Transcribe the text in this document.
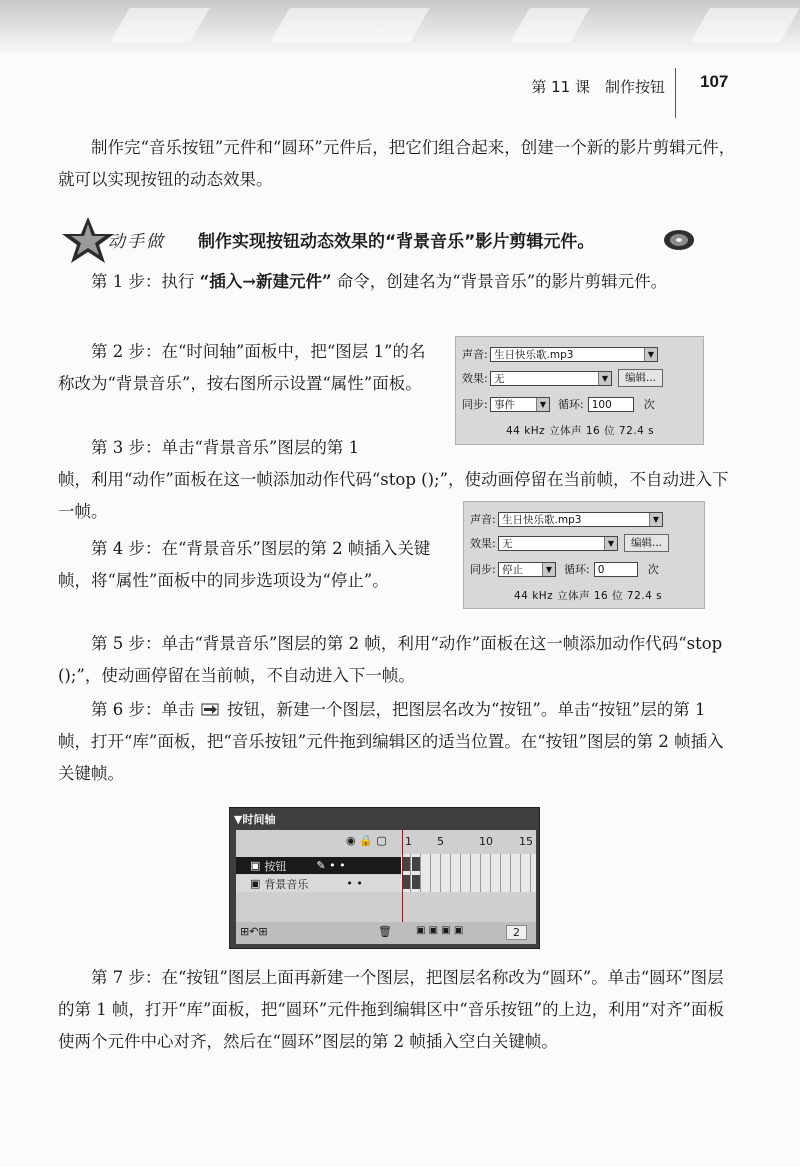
第 11 课　制作按钮 107

制作完“音乐按钮”元件和“圆环”元件后，把它们组合起来，创建一个新的影片剪辑元件，就可以实现按钮的动态效果。

动手做 制作实现按钮动态效果的“背景音乐”影片剪辑元件。

第 1 步：执行 “插入→新建元件” 命令，创建名为“背景音乐”的影片剪辑元件。

第 2 步：在“时间轴”面板中，把“图层 1”的名称改为“背景音乐”，按右图所示设置“属性”面板。

第 3 步：单击“背景音乐”图层的第 1

帧，利用“动作”面板在这一帧添加动作代码“stop ();”，使动画停留在当前帧，不自动进入下一帧。

声音: 生日快乐歌.mp3	▼
效果: 无	▼	编辑...
同步: 事件	▼ 循环: 100	次
44 kHz 立体声 16 位 72.4 s
声音: 生日快乐歌.mp3	▼
效果: 无	▼	编辑...
同步: 停止	▼ 循环: 0	次
44 kHz 立体声 16 位 72.4 s

第 4 步：在“背景音乐”图层的第 2 帧插入关键帧，将“属性”面板中的同步选项设为“停止”。

第 5 步：单击“背景音乐”图层的第 2 帧，利用“动作”面板在这一帧添加动作代码“stop ();”，使动画停留在当前帧，不自动进入下一帧。

第 6 步：单击  按钮，新建一个图层，把图层名改为“按钮”。单击“按钮”层的第 1 帧，打开“库”面板，把“音乐按钮”元件拖到编辑区的适当位置。在“按钮”图层的第 2 帧插入关键帧。

▼时间轴
◉ 🔒 ▢ 1 5	10 15
▣ 按钮	✎ • •
▣ 背景音乐	• •
⊞↶⊞	🗑 ▣ ▣ ▣ ▣	2

第 7 步：在“按钮”图层上面再新建一个图层，把图层名称改为“圆环”。单击“圆环”图层的第 1 帧，打开“库”面板，把“圆环”元件拖到编辑区中“音乐按钮”的上边，利用“对齐”面板使两个元件中心对齐，然后在“圆环”图层的第 2 帧插入空白关键帧。
